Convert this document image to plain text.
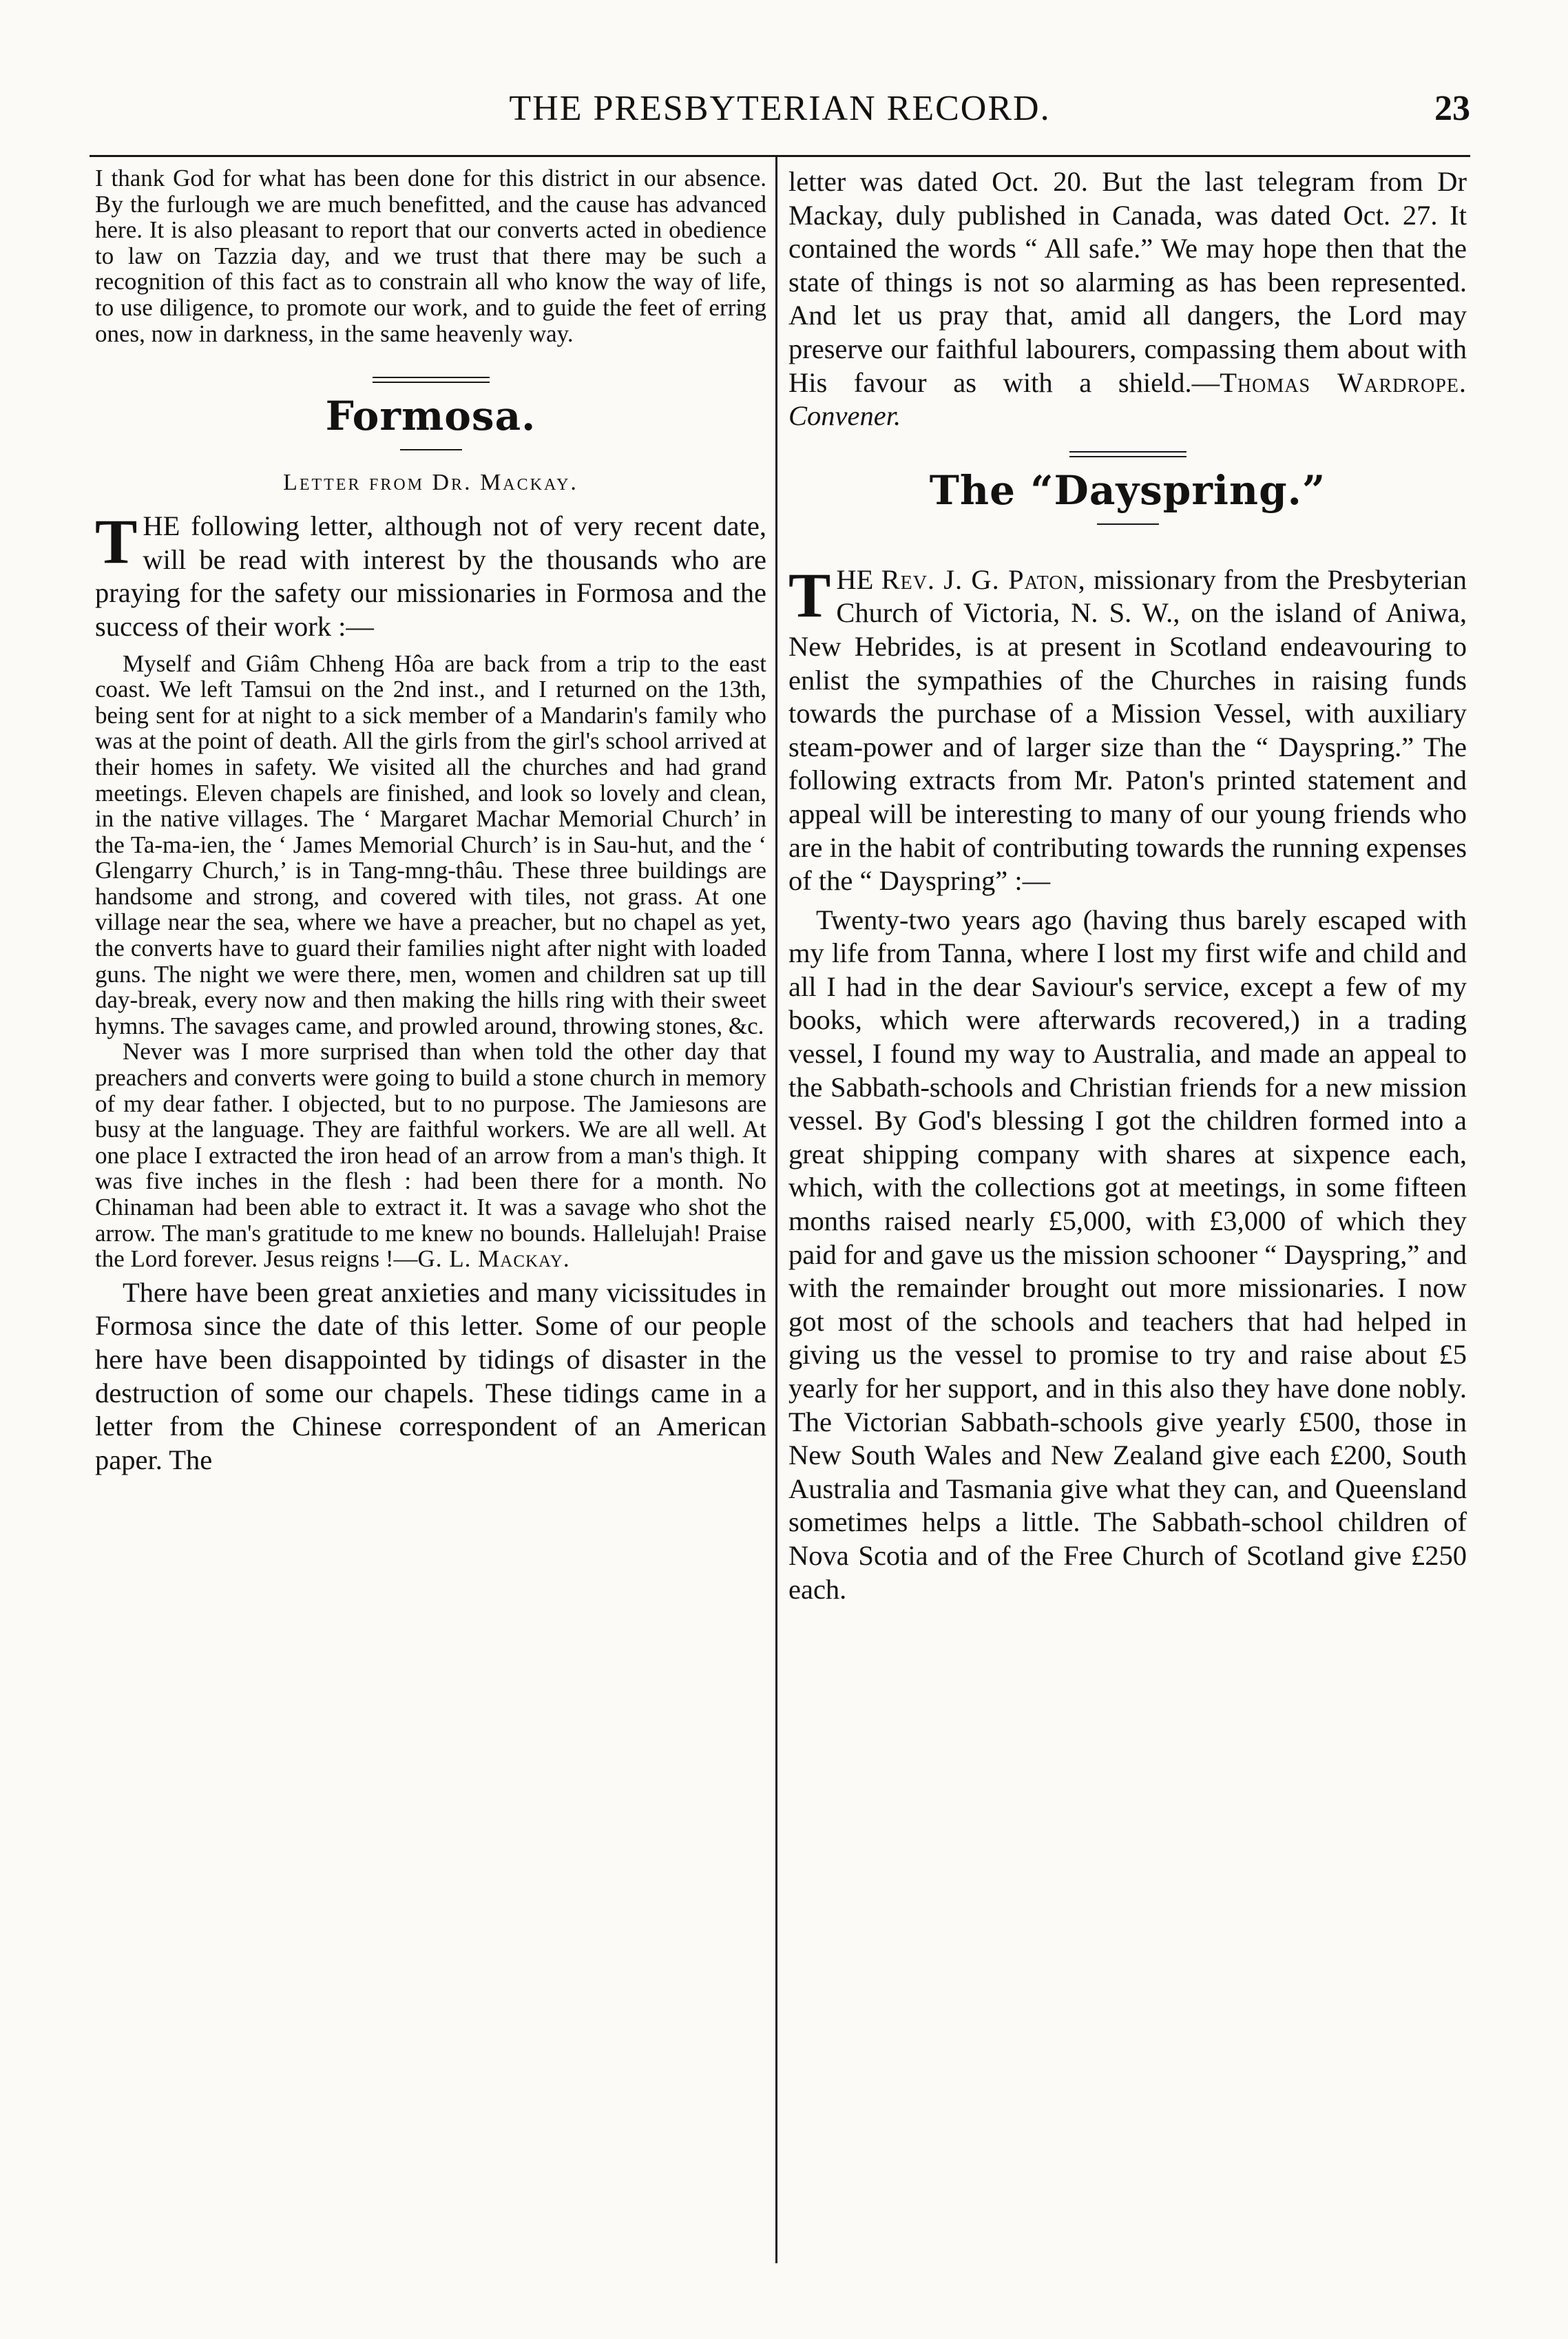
THE PRESBYTERIAN RECORD.	23

I thank God for what has been done for this district in our absence. By the furlough we are much benefitted, and the cause has advanced here. It is also pleasant to report that our converts acted in obedience to law on Tazzia day, and we trust that there may be such a recognition of this fact as to constrain all who know the way of life, to use diligence, to promote our work, and to guide the feet of erring ones, now in darkness, in the same heavenly way.

Formosa.
Letter from Dr. Mackay.

THE following letter, although not of very recent date, will be read with interest by the thousands who are praying for the safety our missionaries in Formosa and the success of their work :—

Myself and Giâm Chheng Hôa are back from a trip to the east coast. We left Tamsui on the 2nd inst., and I returned on the 13th, being sent for at night to a sick member of a Mandarin's family who was at the point of death. All the girls from the girl's school arrived at their homes in safety. We visited all the churches and had grand meetings. Eleven chapels are finished, and look so lovely and clean, in the native villages. The ‘ Margaret Machar Memorial Church’ in the Ta-ma-ien, the ‘ James Memorial Church’ is in Sau-hut, and the ‘ Glengarry Church,’ is in Tang-mng-thâu. These three buildings are handsome and strong, and covered with tiles, not grass. At one village near the sea, where we have a preacher, but no chapel as yet, the converts have to guard their families night after night with loaded guns. The night we were there, men, women and children sat up till day-break, every now and then making the hills ring with their sweet hymns. The savages came, and prowled around, throwing stones, &c.

Never was I more surprised than when told the other day that preachers and converts were going to build a stone church in memory of my dear father. I objected, but to no purpose. The Jamiesons are busy at the language. They are faithful workers. We are all well. At one place I extracted the iron head of an arrow from a man's thigh. It was five inches in the flesh : had been there for a month. No Chinaman had been able to extract it. It was a savage who shot the arrow. The man's gratitude to me knew no bounds. Hallelujah! Praise the Lord forever. Jesus reigns !—G. L. Mackay.

There have been great anxieties and many vicissitudes in Formosa since the date of this letter. Some of our people here have been disappointed by tidings of disaster in the destruction of some our chapels. These tidings came in a letter from the Chinese correspondent of an American paper. The

letter was dated Oct. 20. But the last telegram from Dr Mackay, duly published in Canada, was dated Oct. 27. It contained the words “ All safe.” We may hope then that the state of things is not so alarming as has been represented. And let us pray that, amid all dangers, the Lord may preserve our faithful labourers, compassing them about with His favour as with a shield.—Thomas Wardrope. Convener.

The “Dayspring.”

THE Rev. J. G. Paton, missionary from the Presbyterian Church of Victoria, N. S. W., on the island of Aniwa, New Hebrides, is at present in Scotland endeavouring to enlist the sympathies of the Churches in raising funds towards the purchase of a Mission Vessel, with auxiliary steam-power and of larger size than the “ Dayspring.” The following extracts from Mr. Paton's printed statement and appeal will be interesting to many of our young friends who are in the habit of contributing towards the running expenses of the “ Dayspring” :—

Twenty-two years ago (having thus barely escaped with my life from Tanna, where I lost my first wife and child and all I had in the dear Saviour's service, except a few of my books, which were afterwards recovered,) in a trading vessel, I found my way to Australia, and made an appeal to the Sabbath-schools and Christian friends for a new mission vessel. By God's blessing I got the children formed into a great shipping company with shares at sixpence each, which, with the collections got at meetings, in some fifteen months raised nearly £5,000, with £3,000 of which they paid for and gave us the mission schooner “ Dayspring,” and with the remainder brought out more missionaries. I now got most of the schools and teachers that had helped in giving us the vessel to promise to try and raise about £5 yearly for her support, and in this also they have done nobly. The Victorian Sabbath-schools give yearly £500, those in New South Wales and New Zealand give each £200, South Australia and Tasmania give what they can, and Queensland sometimes helps a little. The Sabbath-school children of Nova Scotia and of the Free Church of Scotland give £250 each.
